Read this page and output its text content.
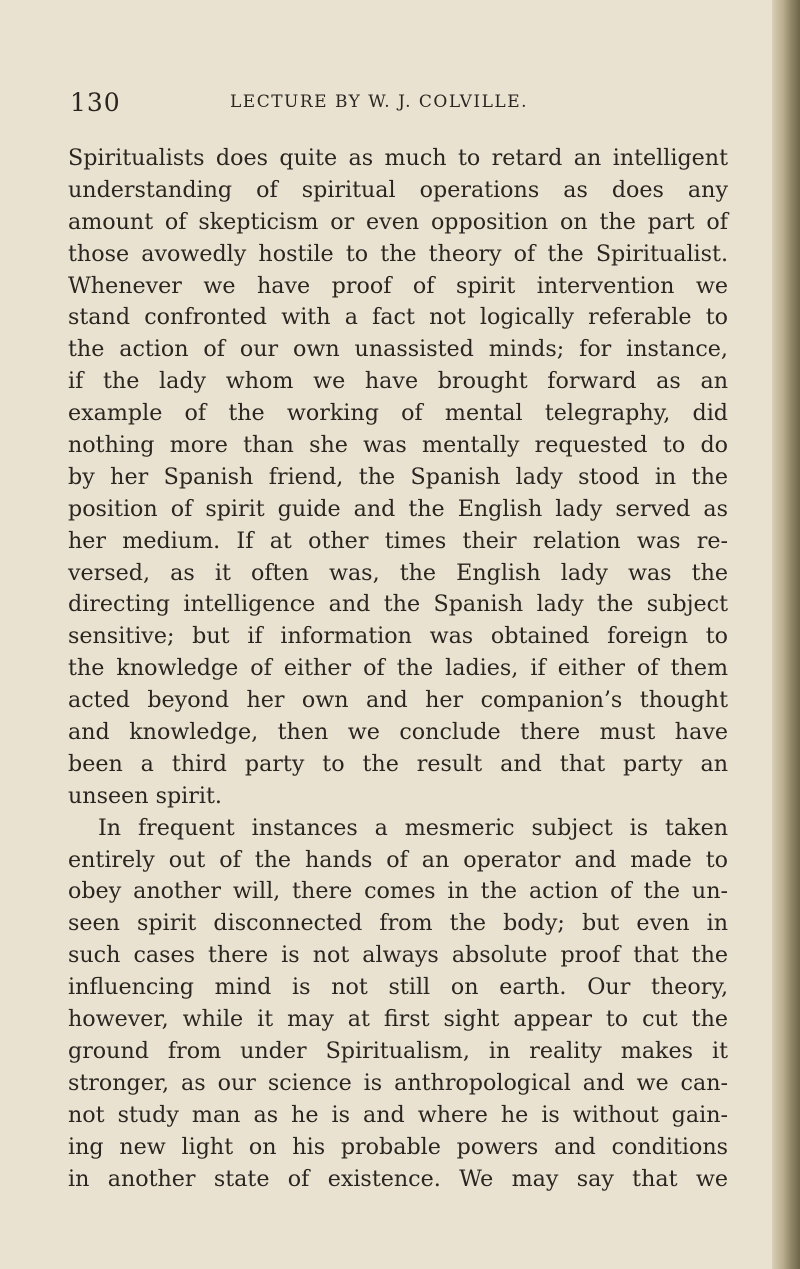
130	LECTURE BY W. J. COLVILLE.
Spiritualists does quite as much to retard an intelligent
understanding of spiritual operations as does any
amount of skepticism or even opposition on the part of
those avowedly hostile to the theory of the Spiritualist.
Whenever we have proof of spirit intervention we
stand confronted with a fact not logically referable to
the action of our own unassisted minds; for instance,
if the lady whom we have brought forward as an
example of the working of mental telegraphy, did
nothing more than she was mentally requested to do
by her Spanish friend, the Spanish lady stood in the
position of spirit guide and the English lady served as
her medium. If at other times their relation was re-
versed, as it often was, the English lady was the
directing intelligence and the Spanish lady the subject
sensitive; but if information was obtained foreign to
the knowledge of either of the ladies, if either of them
acted beyond her own and her companion’s thought
and knowledge, then we conclude there must have
been a third party to the result and that party an
unseen spirit.
In frequent instances a mesmeric subject is taken
entirely out of the hands of an operator and made to
obey another will, there comes in the action of the un-
seen spirit disconnected from the body; but even in
such cases there is not always absolute proof that the
influencing mind is not still on earth. Our theory,
however, while it may at first sight appear to cut the
ground from under Spiritualism, in reality makes it
stronger, as our science is anthropological and we can-
not study man as he is and where he is without gain-
ing new light on his probable powers and conditions
in another state of existence. We may say that we
